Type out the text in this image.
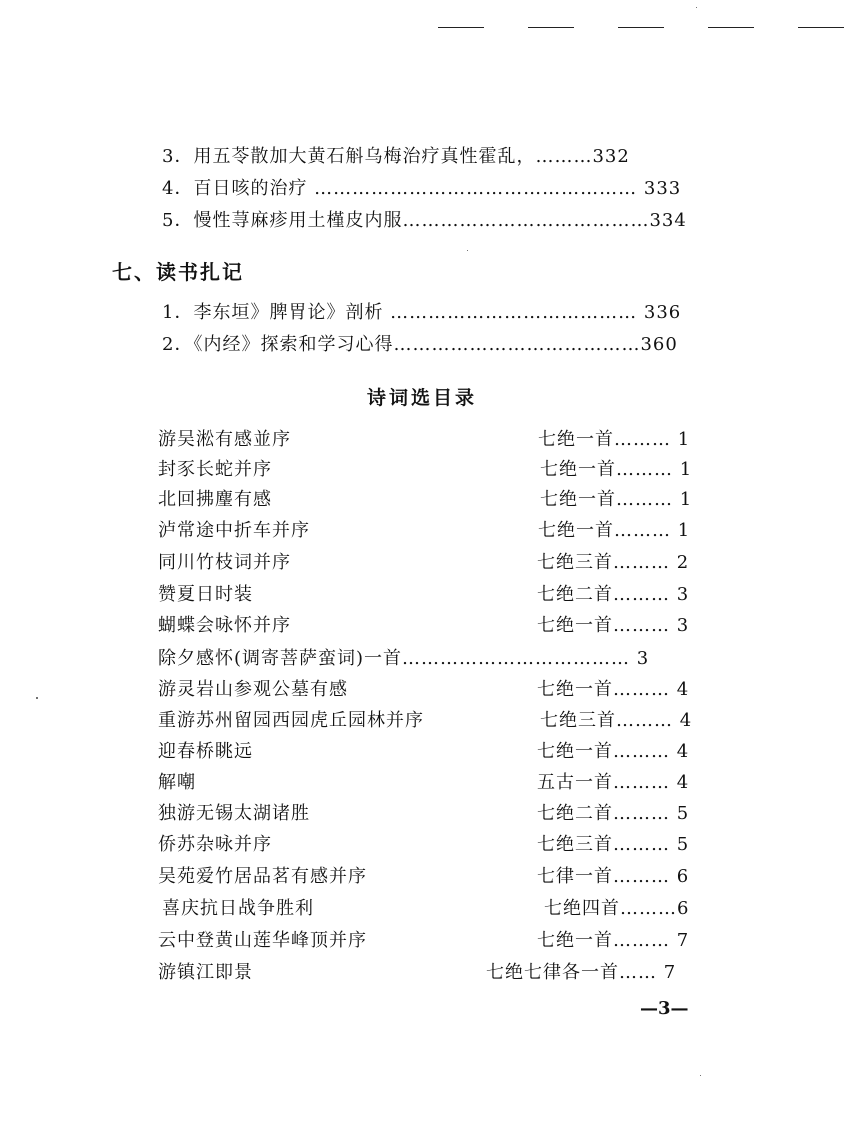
3．用五苓散加大黄石斛乌梅治疗真性霍乱，………332
4．百日咳的治疗 …………………………………………… 333
5．慢性荨麻疹用土槿皮内服…………………………………334
七、读书扎记
1．李东垣》脾胃论》剖析 ………………………………… 336
2．《内经》探索和学习心得…………………………………360
诗词选目录
游吴淞有感並序	七绝一首……… 1
封豕长蛇并序	七绝一首……… 1
北回拂麈有感	七绝一首……… 1
泸常途中折车并序	七绝一首……… 1
同川竹枝词并序	七绝三首……… 2
赞夏日时装	七绝二首……… 3
蝴蝶会咏怀并序	七绝一首……… 3
除夕感怀(调寄菩萨蛮词)一首……………………………… 3
游灵岩山参观公墓有感	七绝一首……… 4
重游苏州留园西园虎丘园林并序	七绝三首……… 4
迎春桥眺远	七绝一首……… 4
解嘲	五古一首……… 4
独游无锡太湖诸胜	七绝二首……… 5
侨苏杂咏并序	七绝三首……… 5
吴苑爱竹居品茗有感并序	七律一首……… 6
喜庆抗日战争胜利	七绝四首………6
云中登黄山莲华峰顶并序	七绝一首……… 7
游镇江即景	七绝七律各一首…… 7
—3—
